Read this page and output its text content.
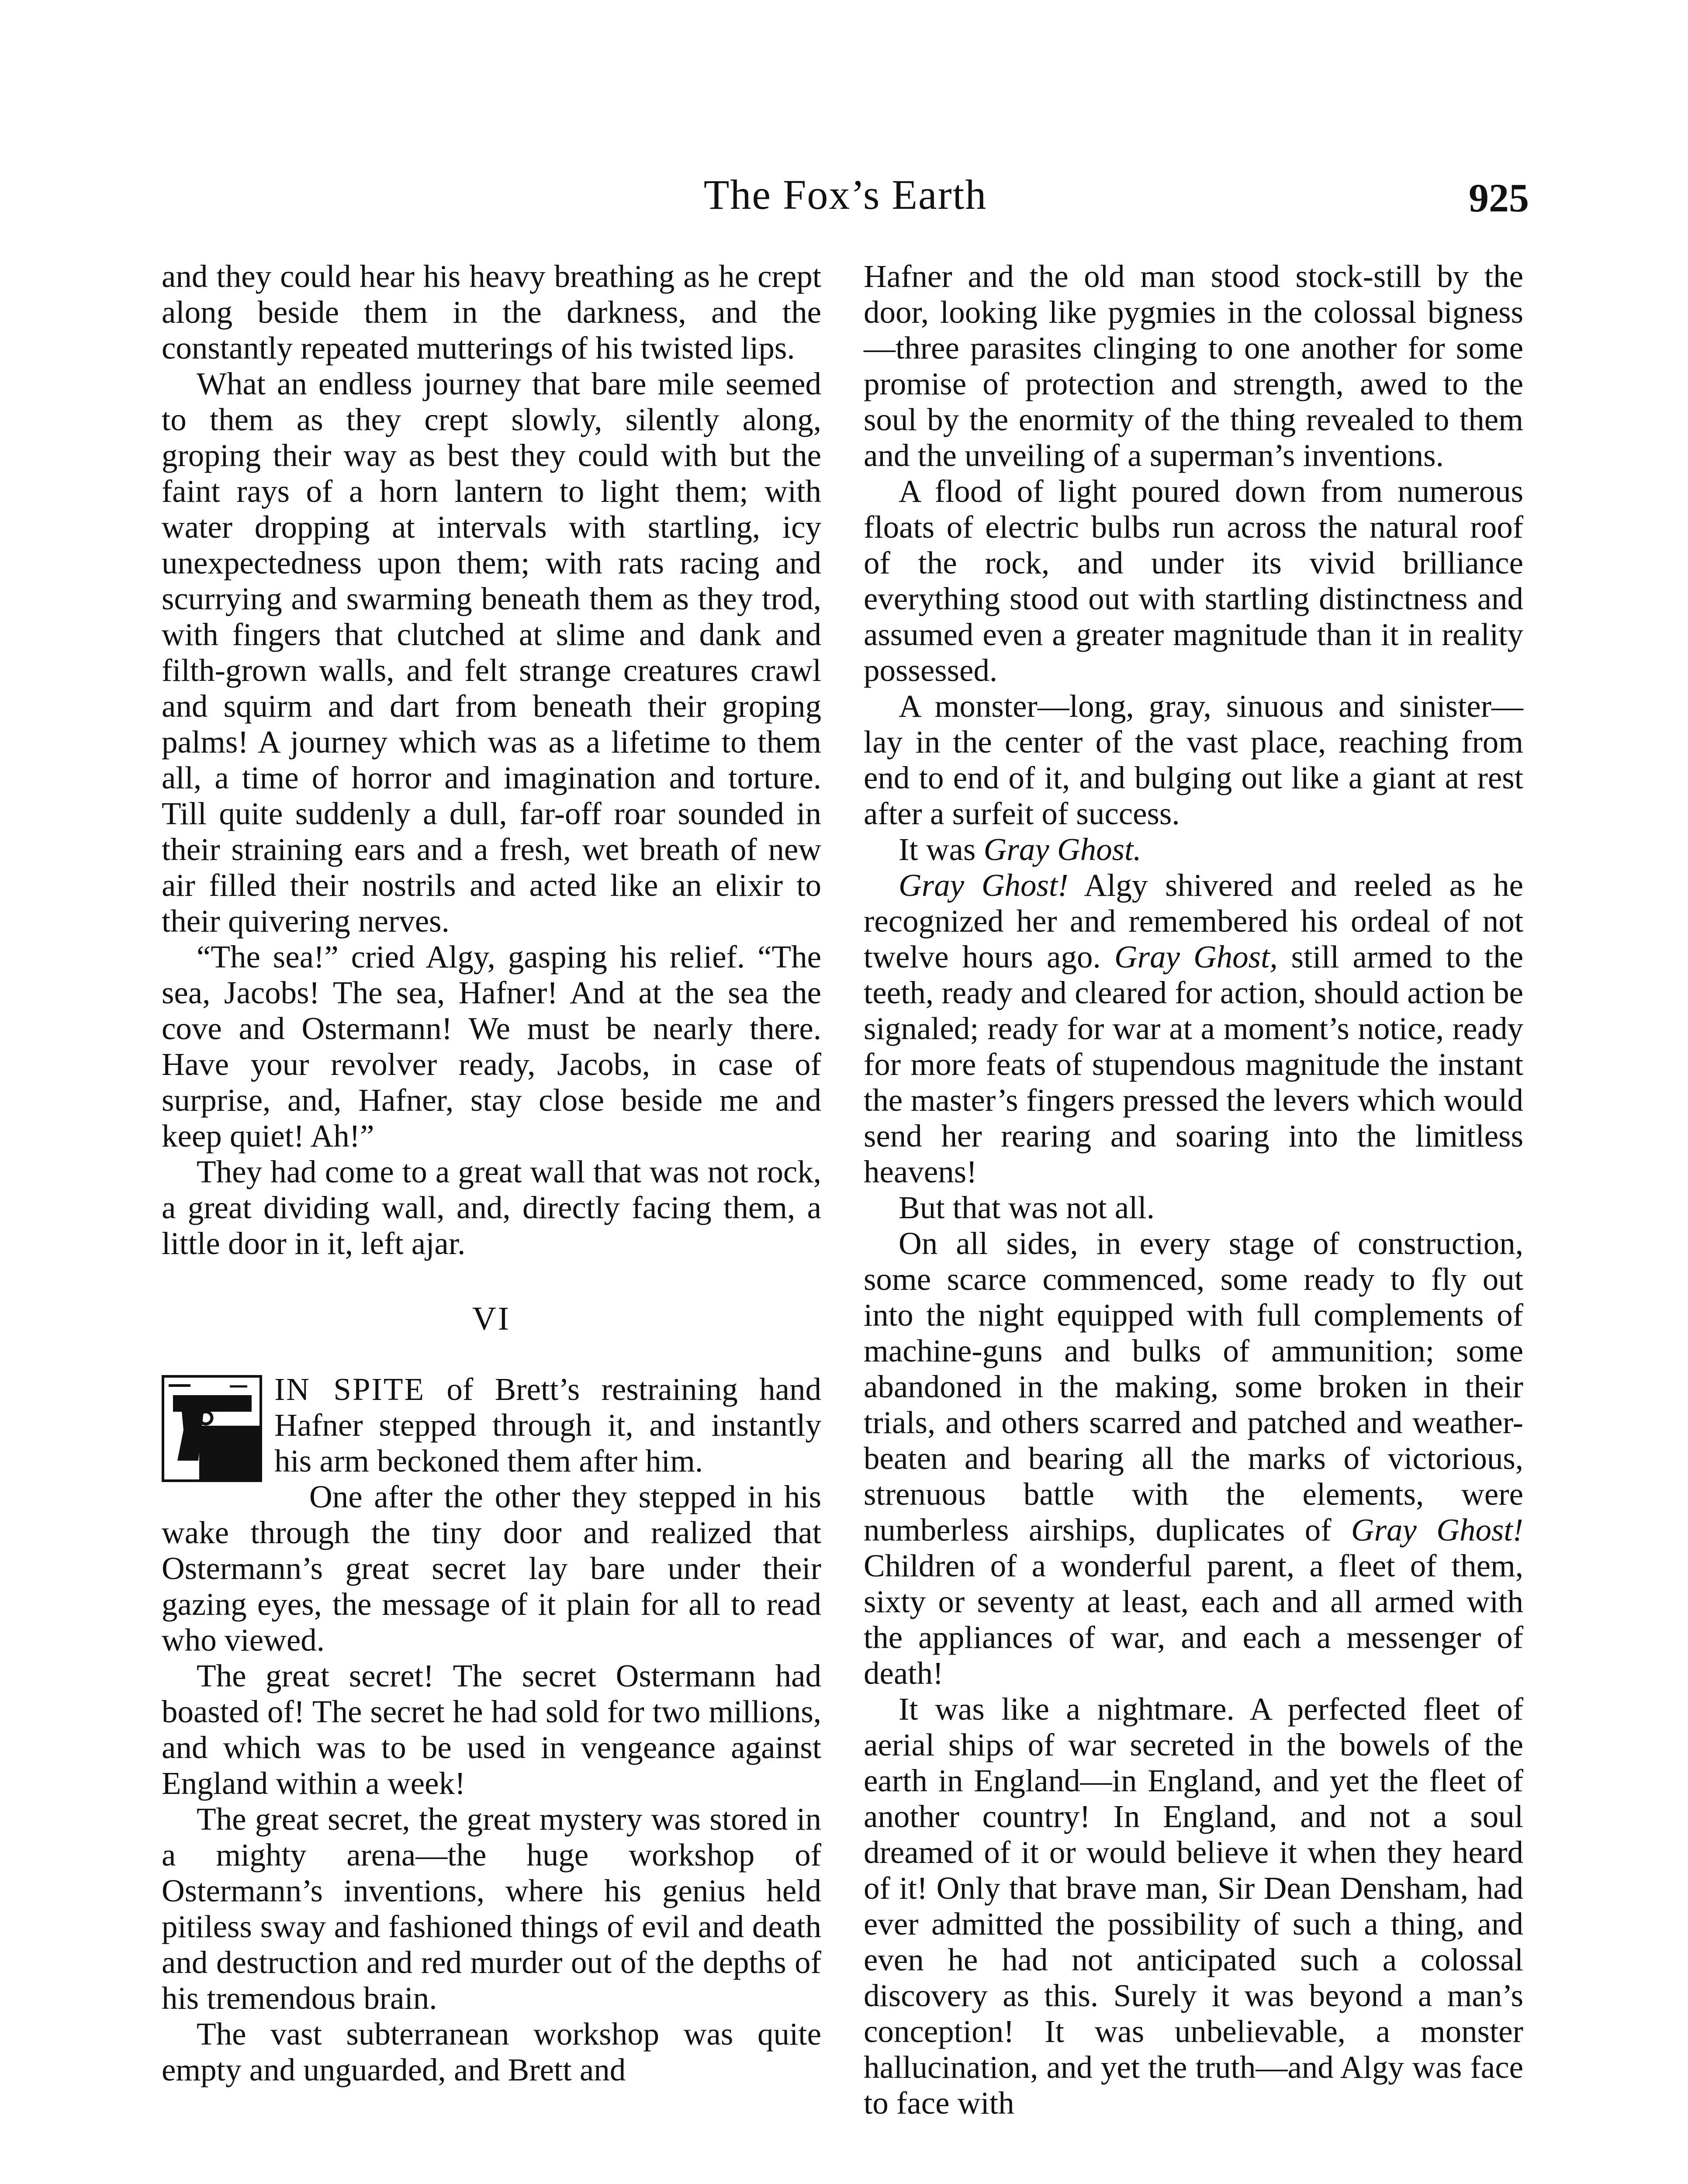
The Fox’s Earth	925

and they could hear his heavy breathing as he crept along beside them in the darkness, and the constantly repeated mutterings of his twisted lips.

What an endless journey that bare mile seemed to them as they crept slowly, silently along, groping their way as best they could with but the faint rays of a horn lantern to light them; with water dropping at intervals with startling, icy unexpectedness upon them; with rats racing and scurrying and swarming beneath them as they trod, with fingers that clutched at slime and dank and filth-grown walls, and felt strange creatures crawl and squirm and dart from beneath their groping palms! A journey which was as a lifetime to them all, a time of horror and imagination and torture. Till quite suddenly a dull, far-off roar sounded in their straining ears and a fresh, wet breath of new air filled their nostrils and acted like an elixir to their quivering nerves.

“The sea!” cried Algy, gasping his relief. “The sea, Jacobs! The sea, Hafner! And at the sea the cove and Ostermann! We must be nearly there. Have your revolver ready, Jacobs, in case of surprise, and, Hafner, stay close beside me and keep quiet! Ah!”

They had come to a great wall that was not rock, a great dividing wall, and, directly facing them, a little door in it, left ajar.

VI

IN SPITE of Brett’s restraining hand Hafner stepped through it, and instantly his arm beckoned them after him.

One after the other they stepped in his wake through the tiny door and realized that Ostermann’s great secret lay bare under their gazing eyes, the message of it plain for all to read who viewed.

The great secret! The secret Ostermann had boasted of! The secret he had sold for two millions, and which was to be used in vengeance against England within a week!

The great secret, the great mystery was stored in a mighty arena—the huge workshop of Ostermann’s inventions, where his genius held pitiless sway and fashioned things of evil and death and destruction and red murder out of the depths of his tremendous brain.

The vast subterranean workshop was quite empty and unguarded, and Brett and

Hafner and the old man stood stock-still by the door, looking like pygmies in the colossal bigness—three parasites clinging to one another for some promise of protection and strength, awed to the soul by the enormity of the thing revealed to them and the unveiling of a superman’s inventions.

A flood of light poured down from numerous floats of electric bulbs run across the natural roof of the rock, and under its vivid brilliance everything stood out with startling distinctness and assumed even a greater magnitude than it in reality possessed.

A monster—long, gray, sinuous and sinister—lay in the center of the vast place, reaching from end to end of it, and bulging out like a giant at rest after a surfeit of success.

It was Gray Ghost.

Gray Ghost! Algy shivered and reeled as he recognized her and remembered his ordeal of not twelve hours ago. Gray Ghost, still armed to the teeth, ready and cleared for action, should action be signaled; ready for war at a moment’s notice, ready for more feats of stupendous magnitude the instant the master’s fingers pressed the levers which would send her rearing and soaring into the limitless heavens!

But that was not all.

On all sides, in every stage of construction, some scarce commenced, some ready to fly out into the night equipped with full complements of machine-guns and bulks of ammunition; some abandoned in the making, some broken in their trials, and others scarred and patched and weather-beaten and bearing all the marks of victorious, strenuous battle with the elements, were numberless airships, duplicates of Gray Ghost! Children of a wonderful parent, a fleet of them, sixty or seventy at least, each and all armed with the appliances of war, and each a messenger of death!

It was like a nightmare. A perfected fleet of aerial ships of war secreted in the bowels of the earth in England—in England, and yet the fleet of another country! In England, and not a soul dreamed of it or would believe it when they heard of it! Only that brave man, Sir Dean Densham, had ever admitted the possibility of such a thing, and even he had not anticipated such a colossal discovery as this. Surely it was beyond a man’s conception! It was unbelievable, a monster hallucination, and yet the truth—and Algy was face to face with
